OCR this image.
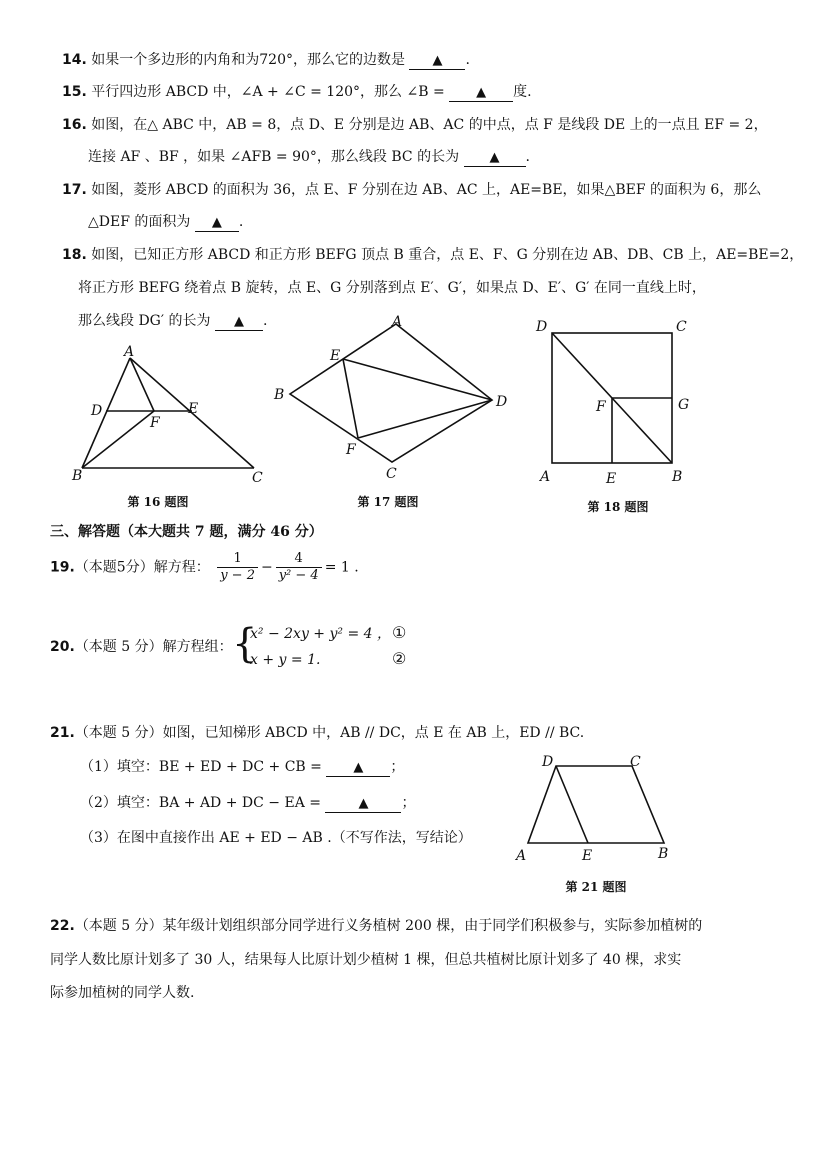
14. 如果一个多边形的内角和为720°，那么它的边数是 ▲ .
15. 平行四边形 ABCD 中，∠A + ∠C = 120°，那么 ∠B = ▲ 度.
16. 如图，在△ ABC 中，AB = 8，点 D、E 分别是边 AB、AC 的中点，点 F 是线段 DE 上的一点且 EF = 2，
连接 AF 、BF ，如果 ∠AFB = 90°，那么线段 BC 的长为 ▲ .
17. 如图，菱形 ABCD 的面积为 36，点 E、F 分别在边 AB、AC 上，AE=BE，如果△BEF 的面积为 6，那么
△DEF 的面积为 ▲ .
18. 如图，已知正方形 ABCD 和正方形 BEFG 顶点 B 重合，点 E、F、G 分别在边 AB、DB、CB 上，AE=BE=2，
将正方形 BEFG 绕着点 B 旋转，点 E、G 分别落到点 E′、G′，如果点 D、E′、G′ 在同一直线上时，
那么线段 DG′ 的长为 ▲ .
A
B	C
D	E
F
第 16 题图
A
B
C
D
E
F
第 17 题图
D	C
A	B
E
F	G
第 18 题图
三、解答题（本大题共 7 题，满分 46 分）
19.（本题5分）解方程： $\frac{1}{y - 2} - \frac{4}{\text{y² − 4}} = 1$ .
20.（本题 5 分）解方程组： {
x² − 2xy + y² = 4 ，
x + y = 1.
①
②
21.（本题 5 分）如图，已知梯形 ABCD 中，AB // DC，点 E 在 AB 上，ED // BC.
（1）填空：BE + ED + DC + CB = ▲ ；
（2）填空：BA + AD + DC − EA =	▲ ；
（3）在图中直接作出 AE + ED − AB .（不写作法，写结论）
D	C
A	E	B
第 21 题图
22.（本题 5 分）某年级计划组织部分同学进行义务植树 200 棵，由于同学们积极参与，实际参加植树的
同学人数比原计划多了 30 人，结果每人比原计划少植树 1 棵，但总共植树比原计划多了 40 棵，求实
际参加植树的同学人数.
